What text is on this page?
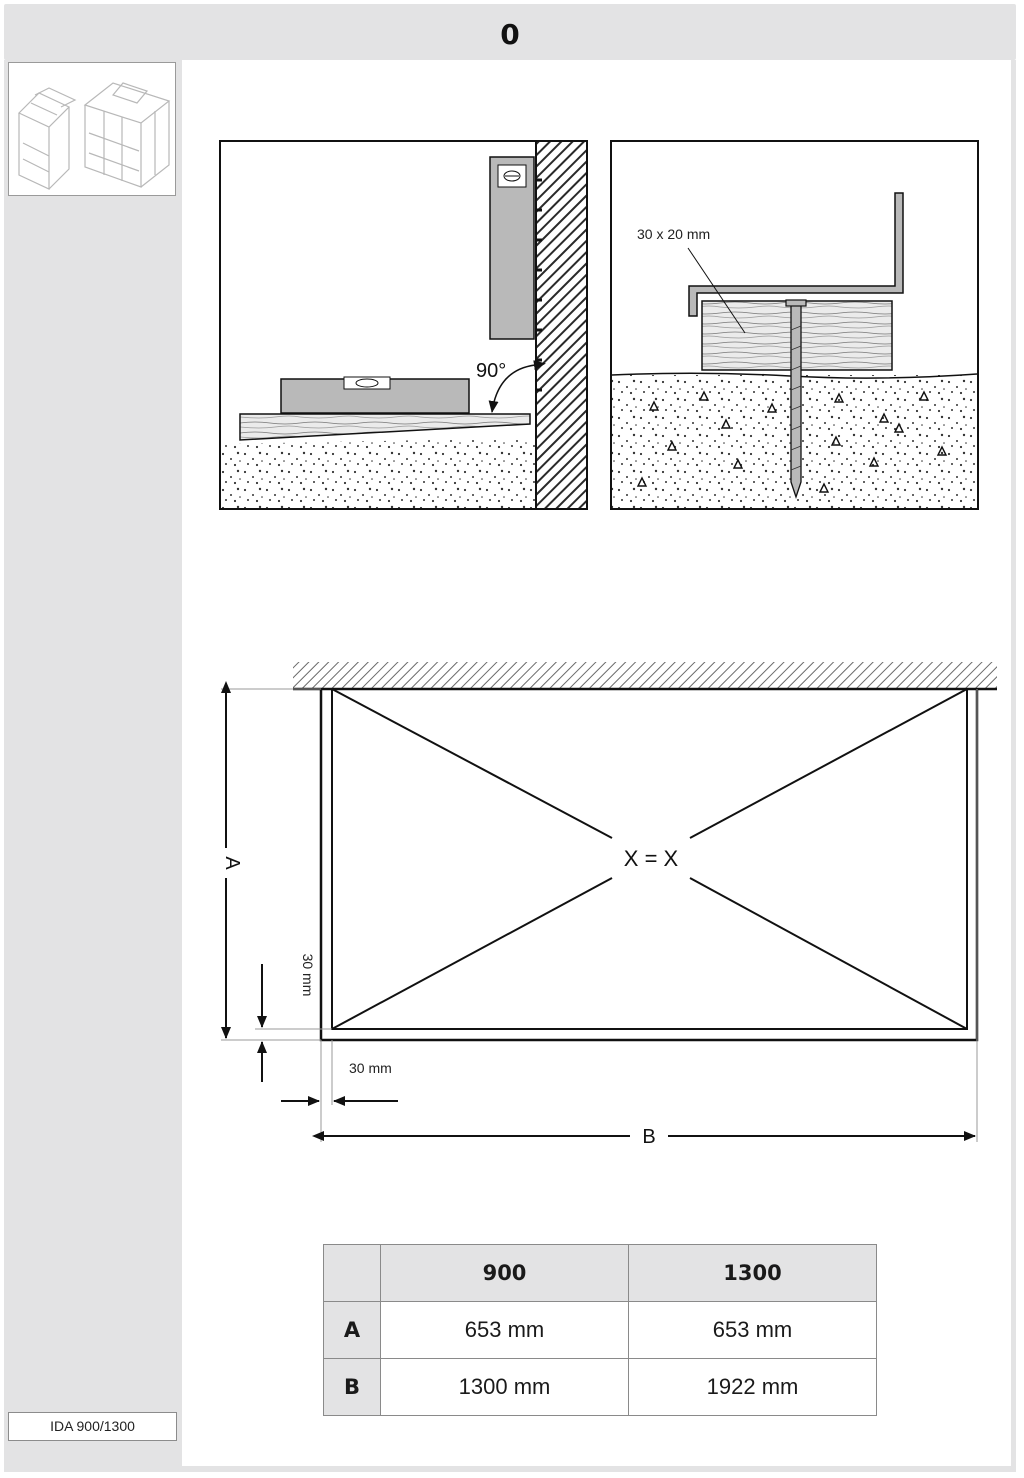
0
IDA 900/1300
90°
30 x 20 mm
X = X
A
30 mm
30 mm
B
	900	1300
A	653 mm	653 mm
B	1300 mm	1922 mm
